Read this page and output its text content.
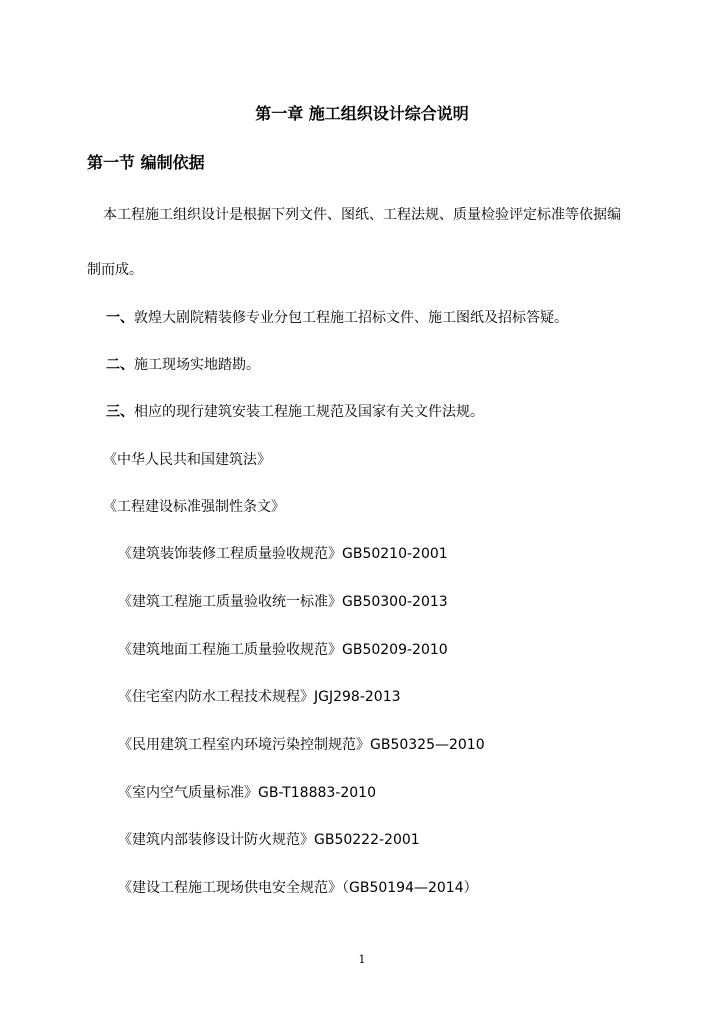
第一章 施工组织设计综合说明
第一节 编制依据
本工程施工组织设计是根据下列文件、图纸、工程法规、质量检验评定标准等依据编
制而成。
一、敦煌大剧院精装修专业分包工程施工招标文件、施工图纸及招标答疑。
二、施工现场实地踏勘。
三、相应的现行建筑安装工程施工规范及国家有关文件法规。
《中华人民共和国建筑法》
《工程建设标准强制性条文》
《建筑装饰装修工程质量验收规范》GB50210-2001
《建筑工程施工质量验收统一标准》GB50300-2013
《建筑地面工程施工质量验收规范》GB50209-2010
《住宅室内防水工程技术规程》JGJ298-2013
《民用建筑工程室内环境污染控制规范》GB50325—2010
《室内空气质量标准》GB-T18883-2010
《建筑内部装修设计防火规范》GB50222-2001
《建设工程施工现场供电安全规范》（GB50194—2014）
1
